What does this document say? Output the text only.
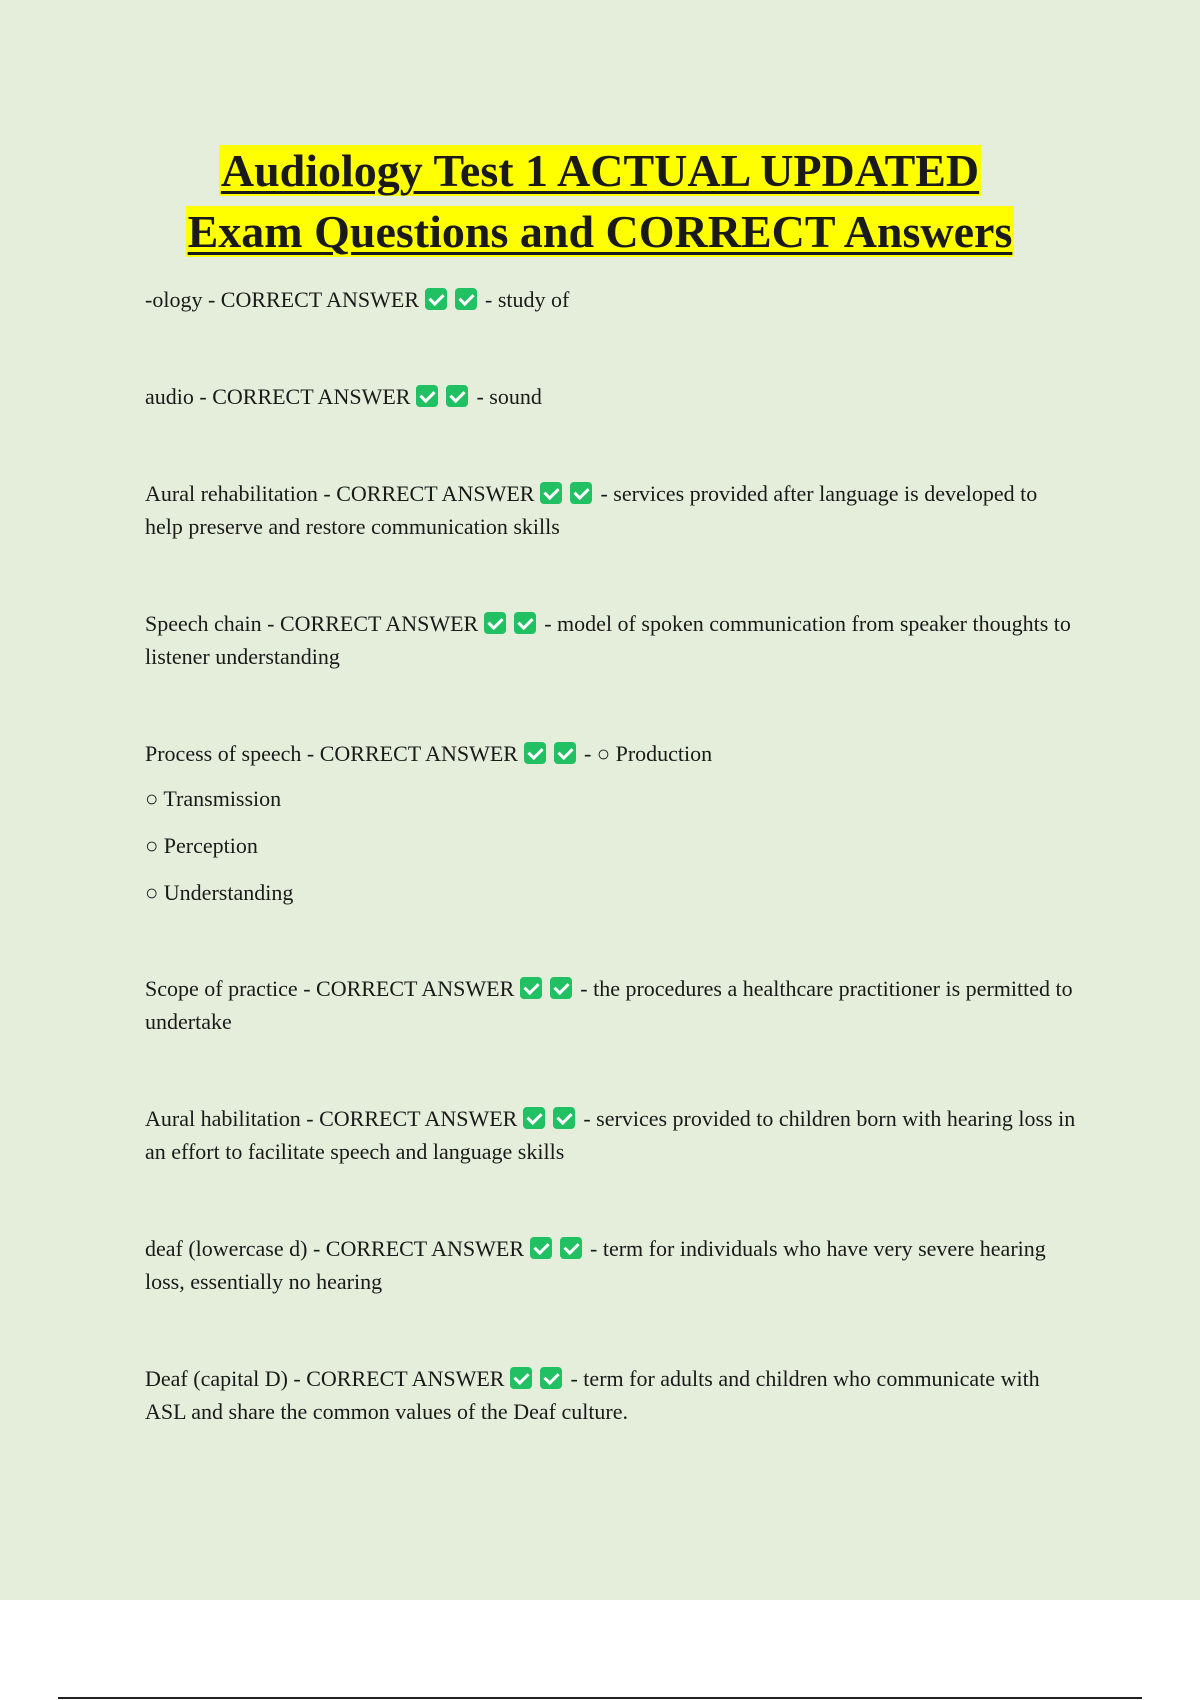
Audiology Test 1 ACTUAL UPDATED
Exam Questions and CORRECT Answers

-ology - CORRECT ANSWER	- study of

audio - CORRECT ANSWER	- sound

Aural rehabilitation - CORRECT ANSWER	- services provided after language is developed to help preserve and restore communication skills

Speech chain - CORRECT ANSWER	- model of spoken communication from speaker thoughts to listener understanding

Process of speech - CORRECT ANSWER	- ○ Production

○ Transmission

○ Perception

○ Understanding

Scope of practice - CORRECT ANSWER	- the procedures a healthcare practitioner is permitted to undertake

Aural habilitation - CORRECT ANSWER	- services provided to children born with hearing loss in an effort to facilitate speech and language skills

deaf (lowercase d) - CORRECT ANSWER	- term for individuals who have very severe hearing loss, essentially no hearing

Deaf (capital D) - CORRECT ANSWER	- term for adults and children who communicate with ASL and share the common values of the Deaf culture.
